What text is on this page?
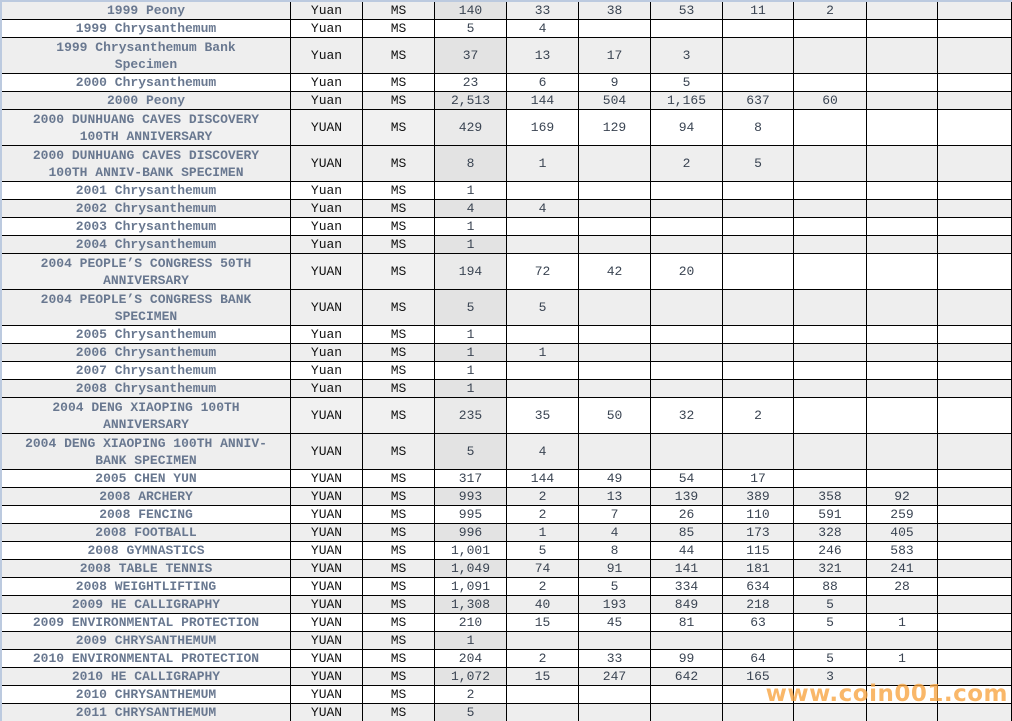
1999 Peony	Yuan	MS	140	33	38	53	11	2		
1999 Chrysanthemum	Yuan	MS	5	4						
1999 Chrysanthemum Bank Specimen	Yuan	MS	37	13	17	3				
2000 Chrysanthemum	Yuan	MS	23	6	9	5				
2000 Peony	Yuan	MS	2,513	144	504	1,165	637	60		
2000 DUNHUANG CAVES DISCOVERY 100TH ANNIVERSARY	YUAN	MS	429	169	129	94	8			
2000 DUNHUANG CAVES DISCOVERY 100TH ANNIV-BANK SPECIMEN	YUAN	MS	8	1		2	5			
2001 Chrysanthemum	Yuan	MS	1							
2002 Chrysanthemum	Yuan	MS	4	4						
2003 Chrysanthemum	Yuan	MS	1							
2004 Chrysanthemum	Yuan	MS	1							
2004 PEOPLE’S CONGRESS 50TH ANNIVERSARY	YUAN	MS	194	72	42	20				
2004 PEOPLE’S CONGRESS BANK SPECIMEN	YUAN	MS	5	5						
2005 Chrysanthemum	Yuan	MS	1							
2006 Chrysanthemum	Yuan	MS	1	1						
2007 Chrysanthemum	Yuan	MS	1							
2008 Chrysanthemum	Yuan	MS	1							
2004 DENG XIAOPING 100TH ANNIVERSARY	YUAN	MS	235	35	50	32	2			
2004 DENG XIAOPING 100TH ANNIV-BANK SPECIMEN	YUAN	MS	5	4						
2005 CHEN YUN	YUAN	MS	317	144	49	54	17			
2008 ARCHERY	YUAN	MS	993	2	13	139	389	358	92	
2008 FENCING	YUAN	MS	995	2	7	26	110	591	259	
2008 FOOTBALL	YUAN	MS	996	1	4	85	173	328	405	
2008 GYMNASTICS	YUAN	MS	1,001	5	8	44	115	246	583	
2008 TABLE TENNIS	YUAN	MS	1,049	74	91	141	181	321	241	
2008 WEIGHTLIFTING	YUAN	MS	1,091	2	5	334	634	88	28	
2009 HE CALLIGRAPHY	YUAN	MS	1,308	40	193	849	218	5		
2009 ENVIRONMENTAL PROTECTION	YUAN	MS	210	15	45	81	63	5	1	
2009 CHRYSANTHEMUM	YUAN	MS	1							
2010 ENVIRONMENTAL PROTECTION	YUAN	MS	204	2	33	99	64	5	1	
2010 HE CALLIGRAPHY	YUAN	MS	1,072	15	247	642	165	3		
2010 CHRYSANTHEMUM	YUAN	MS	2							
2011 CHRYSANTHEMUM	YUAN	MS	5							
www.coin001.com
